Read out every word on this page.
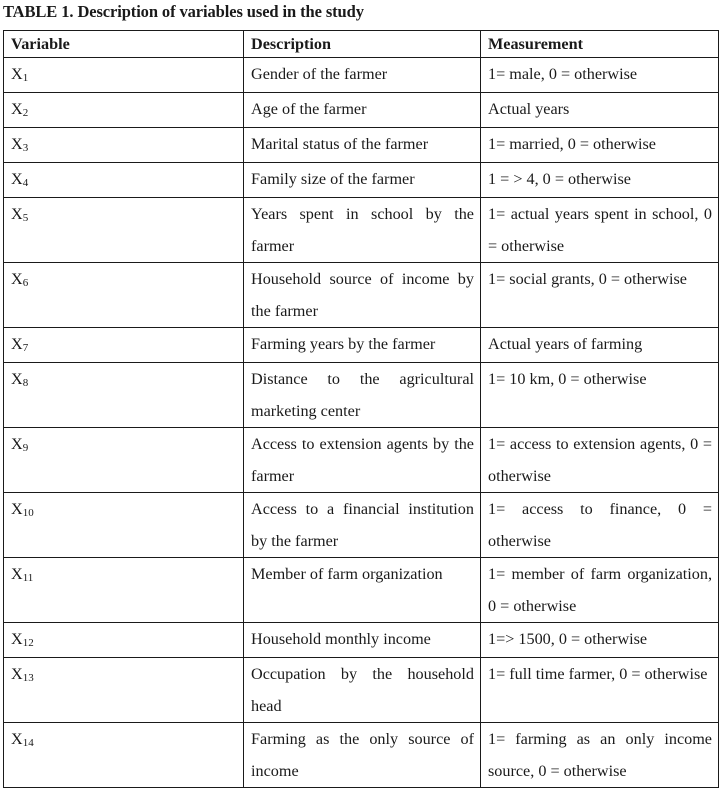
TABLE 1. Description of variables used in the study
Variable	Description	Measurement
$X_1$	Gender of the farmer	1= male, 0 = otherwise
$X_2$	Age of the farmer	Actual years
$X_3$	Marital status of the farmer	1= married, 0 = otherwise
$X_4$	Family size of the farmer	1 = > 4, 0 = otherwise
$X_5$	Years spent in school by the farmer	1= actual years spent in school, 0 = otherwise
$X_6$	Household source of income by the farmer	1= social grants, 0 = otherwise
$X_7$	Farming years by the farmer	Actual years of farming
$X_8$	Distance to the agricultural marketing center	1= 10 km, 0 = otherwise
$X_9$	Access to extension agents by the farmer	1= access to extension agents, 0 = otherwise
$X_{10}$	Access to a financial institution by the farmer	1= access to finance, 0 = otherwise
$X_{11}$	Member of farm organization	1= member of farm organization, 0 = otherwise
$X_{12}$	Household monthly income	1=> 1500, 0 = otherwise
$X_{13}$	Occupation by the household head	1= full time farmer, 0 = otherwise
$X_{14}$	Farming as the only source of income	1= farming as an only income source, 0 = otherwise
